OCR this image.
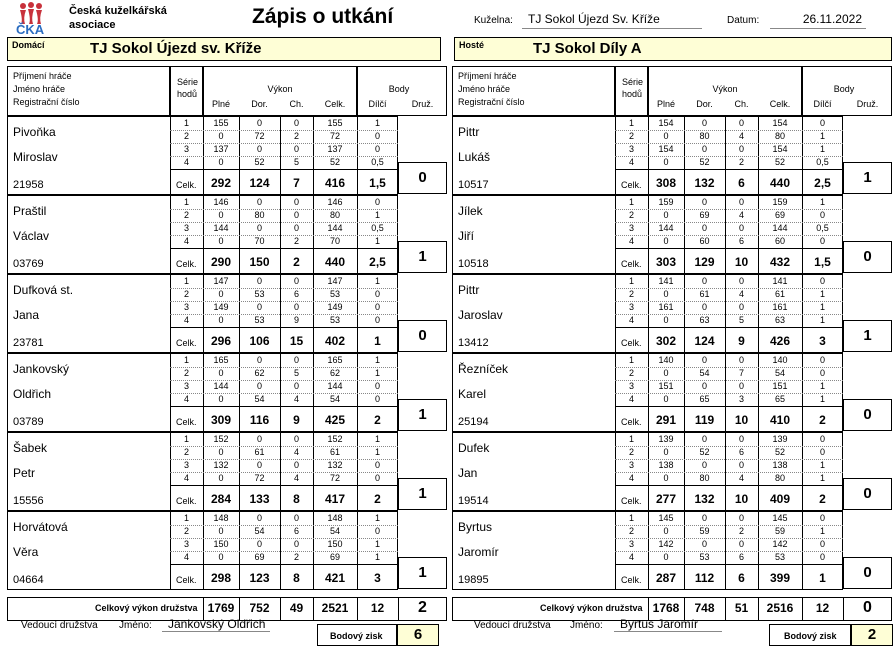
ČKA
Česká kuželkářská
asociace	Zápis o utkání	Kuželna:	TJ Sokol Újezd Sv. Kříže	Datum:	26.11.2022
Domácí	TJ Sokol Újezd sv. Kříže	Hosté	TJ Sokol Díly A
Příjmení hráče
Jméno hráče
Registrační číslo
Série
hodů	Výkon
Plné	Dor.	Ch.	Celk.
Body
Dílčí	Druž.
Pivoňka
Miroslav
21958
1	155	0	0	155	1
2	0	72	2	72	0
3	137	0	0	137	0
4	0	52	5	52	0,5
Celk.	292	124	7	416	1,5	0
Praštil
Václav
03769
1	146	0	0	146	0
2	0	80	0	80	1
3	144	0	0	144	0,5
4	0	70	2	70	1
Celk.	290	150	2	440	2,5	1
Dufková st.
Jana
23781
1	147	0	0	147	1
2	0	53	6	53	0
3	149	0	0	149	0
4	0	53	9	53	0
Celk.	296	106	15	402	1	0
Jankovský
Oldřich
03789
1	165	0	0	165	1
2	0	62	5	62	1
3	144	0	0	144	0
4	0	54	4	54	0
Celk.	309	116	9	425	2	1
Šabek
Petr
15556
1	152	0	0	152	1
2	0	61	4	61	1
3	132	0	0	132	0
4	0	72	4	72	0
Celk.	284	133	8	417	2	1
Horvátová
Věra
04664
1	148	0	0	148	1
2	0	54	6	54	0
3	150	0	0	150	1
4	0	69	2	69	1
Celk.	298	123	8	421	3	1
Celkový výkon družstva 1769	752	49	2521	12	2
Příjmení hráče
Jméno hráče
Registrační číslo
Série
hodů	Výkon
Plné	Dor.	Ch.	Celk.
Body
Dílčí	Druž.
Pittr
Lukáš
10517
1	154	0	0	154	0
2	0	80	4	80	1
3	154	0	0	154	1
4	0	52	2	52	0,5
Celk.	308	132	6	440	2,5	1
Jílek
Jiří
10518
1	159	0	0	159	1
2	0	69	4	69	0
3	144	0	0	144	0,5
4	0	60	6	60	0
Celk.	303	129	10	432	1,5	0
Pittr
Jaroslav
13412
1	141	0	0	141	0
2	0	61	4	61	1
3	161	0	0	161	1
4	0	63	5	63	1
Celk.	302	124	9	426	3	1
Řezníček
Karel
25194
1	140	0	0	140	0
2	0	54	7	54	0
3	151	0	0	151	1
4	0	65	3	65	1
Celk.	291	119	10	410	2	0
Dufek
Jan
19514
1	139	0	0	139	0
2	0	52	6	52	0
3	138	0	0	138	1
4	0	80	4	80	1
Celk.	277	132	10	409	2	0
Byrtus
Jaromír
19895
1	145	0	0	145	0
2	0	59	2	59	1
3	142	0	0	142	0
4	0	53	6	53	0
Celk.	287	112	6	399	1	0
Celkový výkon družstva 1768	748	51	2516	12	0
Vedoucí družstva Jméno:	Jankovský Oldřich
Bodový zisk	6
Vedoucí družstva Jméno:	Byrtus Jaromír
Bodový zisk	2
